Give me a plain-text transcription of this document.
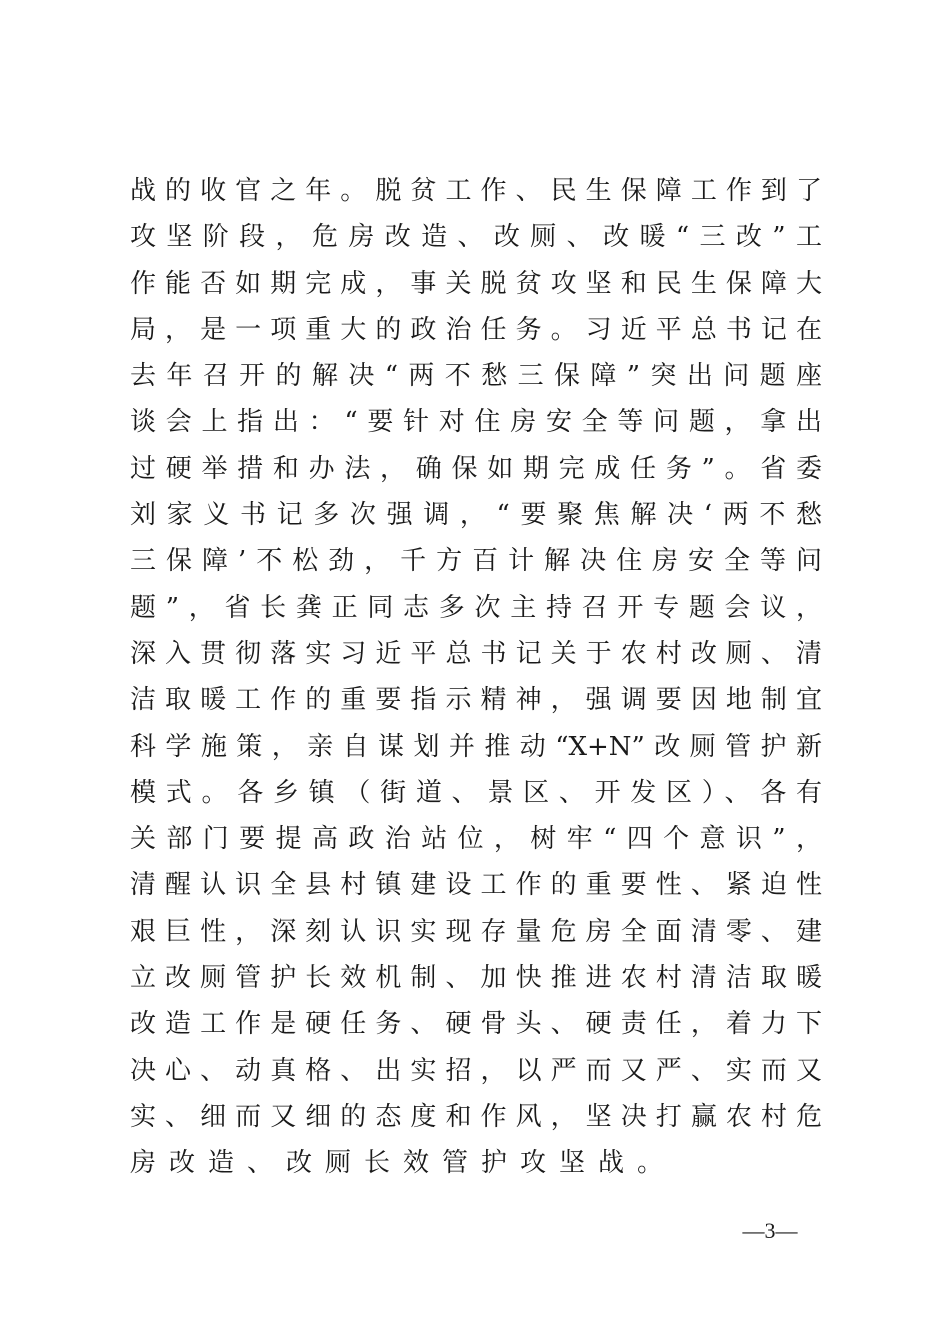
战的收官之年。脱贫工作、民生保障工作到了
攻坚阶段，危房改造、改厕、改暖“三改”工
作能否如期完成，事关脱贫攻坚和民生保障大
局，是一项重大的政治任务。习近平总书记在
去年召开的解决“两不愁三保障”突出问题座
谈会上指出：“要针对住房安全等问题，拿出
过硬举措和办法，确保如期完成任务”。省委
刘家义书记多次强调，“要聚焦解决‘两不愁
三保障’不松劲，千方百计解决住房安全等问
题”，省长龚正同志多次主持召开专题会议，
深入贯彻落实习近平总书记关于农村改厕、清
洁取暖工作的重要指示精神，强调要因地制宜
科学施策，亲自谋划并推动“X+N”改厕管护新
模式。各乡镇（街道、景区、开发区）、各有
关部门要提高政治站位，树牢“四个意识”，
清醒认识全县村镇建设工作的重要性、紧迫性
艰巨性，深刻认识实现存量危房全面清零、建
立改厕管护长效机制、加快推进农村清洁取暖
改造工作是硬任务、硬骨头、硬责任，着力下
决心、动真格、出实招，以严而又严、实而又
实、细而又细的态度和作风，坚决打赢农村危
房改造、改厕长效管护攻坚战。
—3—
